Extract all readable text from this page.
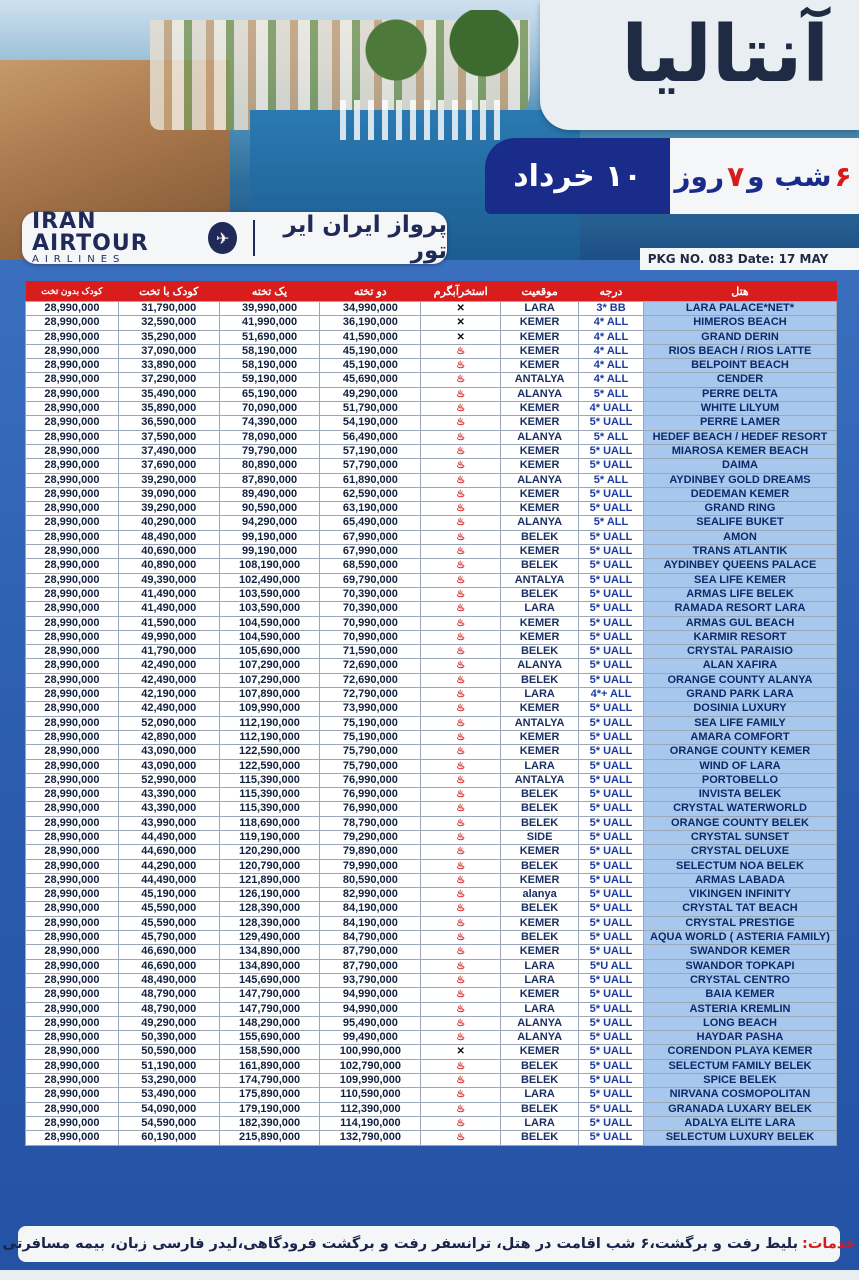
آنتالیا
۱۰ خرداد	۶
شب و
۷
روز
IRAN AIRTOUR
AIRLINES
✈	پرواز ایران ایر تور	PKG NO. 083 Date: 17 MAY
کودک بدون تخت	کودک با تخت	یک تخته	دو تخته	استخرآبگرم	موقعیت	درجه	هتل
28,990,000	31,790,000	39,990,000	34,990,000	✕	LARA	3* BB	LARA PALACE*NET*
28,990,000	32,590,000	41,990,000	36,190,000	✕	KEMER	4* ALL	HIMEROS BEACH
28,990,000	35,290,000	51,690,000	41,590,000	✕	KEMER	4* ALL	GRAND DERIN
28,990,000	37,090,000	58,190,000	45,190,000	♨	KEMER	4* ALL	RIOS BEACH / RIOS LATTE
28,990,000	33,890,000	58,190,000	45,190,000	♨	KEMER	4* ALL	BELPOINT BEACH
28,990,000	37,290,000	59,190,000	45,690,000	♨	ANTALYA	4* ALL	CENDER
28,990,000	35,490,000	65,190,000	49,290,000	♨	ALANYA	5* ALL	PERRE DELTA
28,990,000	35,890,000	70,090,000	51,790,000	♨	KEMER	4* UALL	WHITE LILYUM
28,990,000	36,590,000	74,390,000	54,190,000	♨	KEMER	5* UALL	PERRE LAMER
28,990,000	37,590,000	78,090,000	56,490,000	♨	ALANYA	5* ALL	HEDEF BEACH / HEDEF RESORT
28,990,000	37,490,000	79,790,000	57,190,000	♨	KEMER	5* UALL	MIAROSA KEMER BEACH
28,990,000	37,690,000	80,890,000	57,790,000	♨	KEMER	5* UALL	DAIMA
28,990,000	39,290,000	87,890,000	61,890,000	♨	ALANYA	5* ALL	AYDINBEY GOLD DREAMS
28,990,000	39,090,000	89,490,000	62,590,000	♨	KEMER	5* UALL	DEDEMAN KEMER
28,990,000	39,290,000	90,590,000	63,190,000	♨	KEMER	5* UALL	GRAND RING
28,990,000	40,290,000	94,290,000	65,490,000	♨	ALANYA	5* ALL	SEALIFE BUKET
28,990,000	48,490,000	99,190,000	67,990,000	♨	BELEK	5* UALL	AMON
28,990,000	40,690,000	99,190,000	67,990,000	♨	KEMER	5* UALL	TRANS ATLANTIK
28,990,000	40,890,000	108,190,000	68,590,000	♨	BELEK	5* UALL	AYDINBEY QUEENS PALACE
28,990,000	49,390,000	102,490,000	69,790,000	♨	ANTALYA	5* UALL	SEA LIFE KEMER
28,990,000	41,490,000	103,590,000	70,390,000	♨	BELEK	5* UALL	ARMAS LIFE BELEK
28,990,000	41,490,000	103,590,000	70,390,000	♨	LARA	5* UALL	RAMADA RESORT LARA
28,990,000	41,590,000	104,590,000	70,990,000	♨	KEMER	5* UALL	ARMAS GUL BEACH
28,990,000	49,990,000	104,590,000	70,990,000	♨	KEMER	5* UALL	KARMIR RESORT
28,990,000	41,790,000	105,690,000	71,590,000	♨	BELEK	5* UALL	CRYSTAL PARAISIO
28,990,000	42,490,000	107,290,000	72,690,000	♨	ALANYA	5* UALL	ALAN XAFIRA
28,990,000	42,490,000	107,290,000	72,690,000	♨	BELEK	5* UALL	ORANGE COUNTY ALANYA
28,990,000	42,190,000	107,890,000	72,790,000	♨	LARA	4*+ ALL	GRAND PARK LARA
28,990,000	42,490,000	109,990,000	73,990,000	♨	KEMER	5* UALL	DOSINIA LUXURY
28,990,000	52,090,000	112,190,000	75,190,000	♨	ANTALYA	5* UALL	SEA LIFE FAMILY
28,990,000	42,890,000	112,190,000	75,190,000	♨	KEMER	5* UALL	AMARA COMFORT
28,990,000	43,090,000	122,590,000	75,790,000	♨	KEMER	5* UALL	ORANGE COUNTY KEMER
28,990,000	43,090,000	122,590,000	75,790,000	♨	LARA	5* UALL	WIND OF LARA
28,990,000	52,990,000	115,390,000	76,990,000	♨	ANTALYA	5* UALL	PORTOBELLO
28,990,000	43,390,000	115,390,000	76,990,000	♨	BELEK	5* UALL	INVISTA BELEK
28,990,000	43,390,000	115,390,000	76,990,000	♨	BELEK	5* UALL	CRYSTAL WATERWORLD
28,990,000	43,990,000	118,690,000	78,790,000	♨	BELEK	5* UALL	ORANGE COUNTY BELEK
28,990,000	44,490,000	119,190,000	79,290,000	♨	SIDE	5* UALL	CRYSTAL SUNSET
28,990,000	44,690,000	120,290,000	79,890,000	♨	KEMER	5* UALL	CRYSTAL DELUXE
28,990,000	44,290,000	120,790,000	79,990,000	♨	BELEK	5* UALL	SELECTUM NOA BELEK
28,990,000	44,490,000	121,890,000	80,590,000	♨	KEMER	5* UALL	ARMAS LABADA
28,990,000	45,190,000	126,190,000	82,990,000	♨	alanya	5* UALL	VIKINGEN INFINITY
28,990,000	45,590,000	128,390,000	84,190,000	♨	BELEK	5* UALL	CRYSTAL TAT BEACH
28,990,000	45,590,000	128,390,000	84,190,000	♨	KEMER	5* UALL	CRYSTAL PRESTIGE
28,990,000	45,790,000	129,490,000	84,790,000	♨	BELEK	5* UALL	AQUA WORLD ( ASTERIA FAMILY)
28,990,000	46,690,000	134,890,000	87,790,000	♨	KEMER	5* UALL	SWANDOR KEMER
28,990,000	46,690,000	134,890,000	87,790,000	♨	LARA	5*U ALL	SWANDOR TOPKAPI
28,990,000	48,490,000	145,690,000	93,790,000	♨	LARA	5* UALL	CRYSTAL CENTRO
28,990,000	48,790,000	147,790,000	94,990,000	♨	KEMER	5* UALL	BAIA KEMER
28,990,000	48,790,000	147,790,000	94,990,000	♨	LARA	5* UALL	ASTERIA KREMLIN
28,990,000	49,290,000	148,290,000	95,490,000	♨	ALANYA	5* UALL	LONG BEACH
28,990,000	50,390,000	155,690,000	99,490,000	♨	ALANYA	5* UALL	HAYDAR PASHA
28,990,000	50,590,000	158,590,000	100,990,000	✕	KEMER	5* UALL	CORENDON PLAYA KEMER
28,990,000	51,190,000	161,890,000	102,790,000	♨	BELEK	5* UALL	SELECTUM FAMILY BELEK
28,990,000	53,290,000	174,790,000	109,990,000	♨	BELEK	5* UALL	SPICE BELEK
28,990,000	53,490,000	175,890,000	110,590,000	♨	LARA	5* UALL	NIRVANA COSMOPOLITAN
28,990,000	54,090,000	179,190,000	112,390,000	♨	BELEK	5* UALL	GRANADA LUXARY BELEK
28,990,000	54,590,000	182,390,000	114,190,000	♨	LARA	5* UALL	ADALYA ELITE LARA
28,990,000	60,190,000	215,890,000	132,790,000	♨	BELEK	5* UALL	SELECTUM LUXURY BELEK
خدمات:
بلیط رفت و برگشت،۶ شب اقامت در هتل، ترانسفر رفت و برگشت فرودگاهی،لیدر فارسی زبان، بیمه مسافرتی
